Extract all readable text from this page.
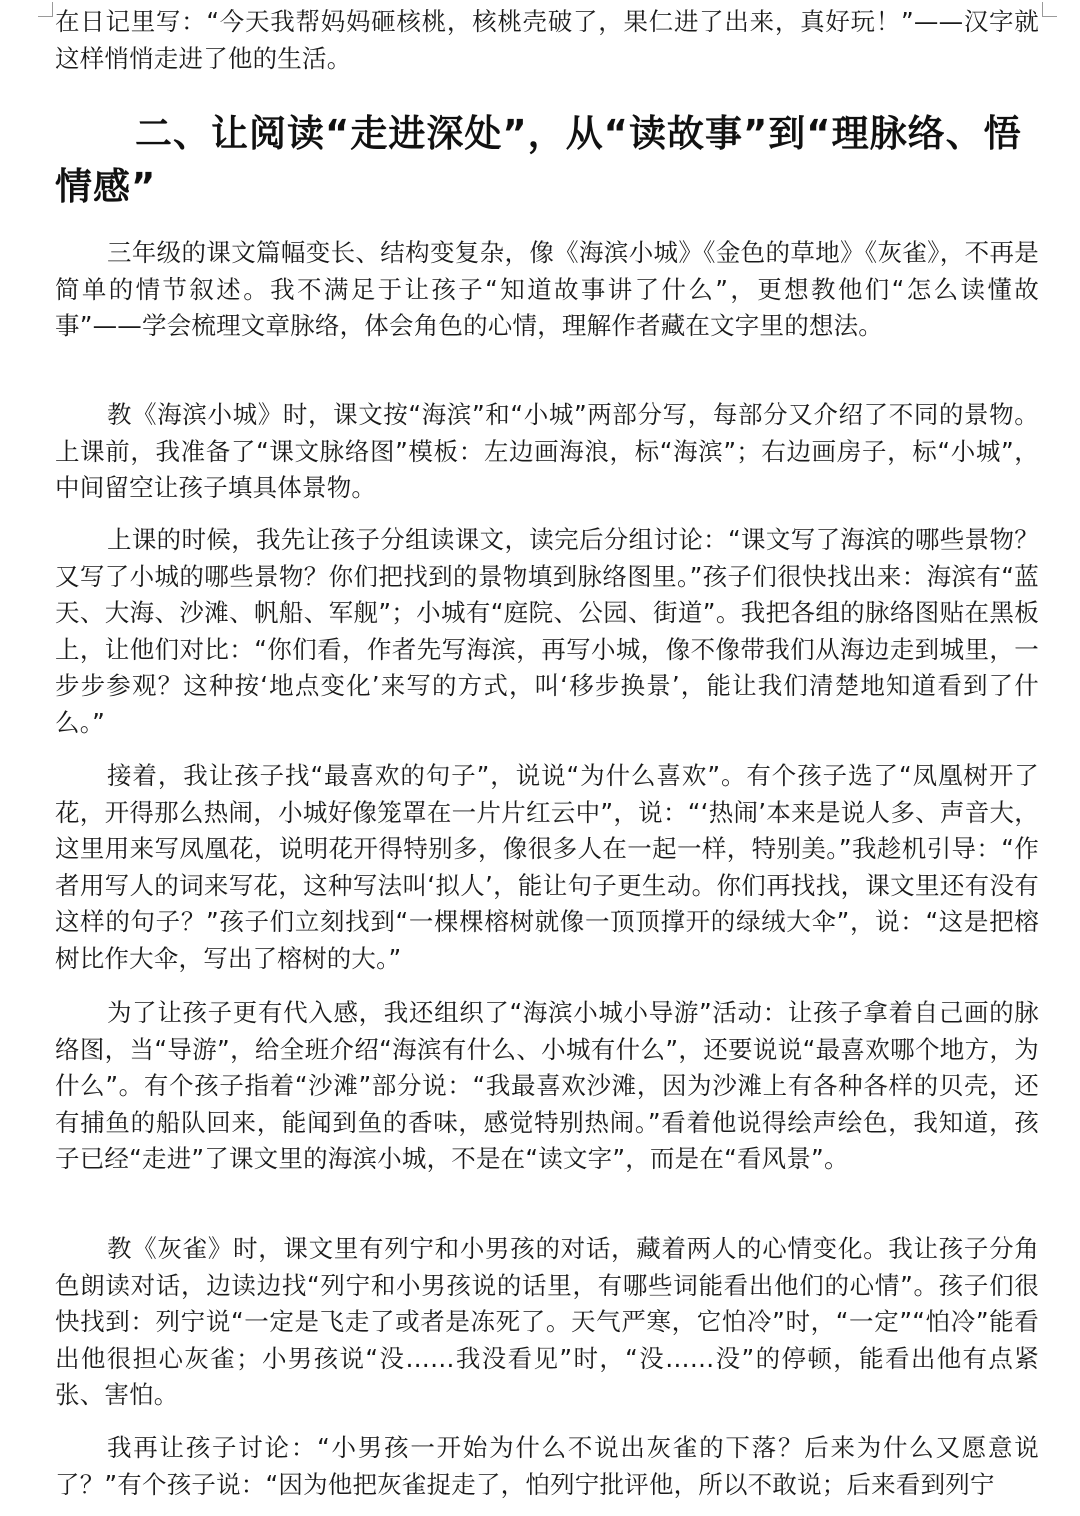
在日记里写：“今天我帮妈妈砸核桃，核桃壳破了，果仁进了出来，真好玩！”——汉字就这样悄悄走进了他的生活。

二、让阅读“走进深处”，从“读故事”到“理脉络、悟情感”

三年级的课文篇幅变长、结构变复杂，像《海滨小城》《金色的草地》《灰雀》，不再是简单的情节叙述。我不满足于让孩子“知道故事讲了什么”，更想教他们“怎么读懂故事”——学会梳理文章脉络，体会角色的心情，理解作者藏在文字里的想法。

教《海滨小城》时，课文按“海滨”和“小城”两部分写，每部分又介绍了不同的景物。上课前，我准备了“课文脉络图”模板：左边画海浪，标“海滨”；右边画房子，标“小城”，中间留空让孩子填具体景物。

上课的时候，我先让孩子分组读课文，读完后分组讨论：“课文写了海滨的哪些景物？又写了小城的哪些景物？你们把找到的景物填到脉络图里。”孩子们很快找出来：海滨有“蓝天、大海、沙滩、帆船、军舰”；小城有“庭院、公园、街道”。我把各组的脉络图贴在黑板上，让他们对比：“你们看，作者先写海滨，再写小城，像不像带我们从海边走到城里，一步步参观？这种按‘地点变化’来写的方式，叫‘移步换景’，能让我们清楚地知道看到了什么。”

接着，我让孩子找“最喜欢的句子”，说说“为什么喜欢”。有个孩子选了“凤凰树开了花，开得那么热闹，小城好像笼罩在一片片红云中”，说：“‘热闹’本来是说人多、声音大，这里用来写凤凰花，说明花开得特别多，像很多人在一起一样，特别美。”我趁机引导：“作者用写人的词来写花，这种写法叫‘拟人’，能让句子更生动。你们再找找，课文里还有没有这样的句子？”孩子们立刻找到“一棵棵榕树就像一顶顶撑开的绿绒大伞”，说：“这是把榕树比作大伞，写出了榕树的大。”

为了让孩子更有代入感，我还组织了“海滨小城小导游”活动：让孩子拿着自己画的脉络图，当“导游”，给全班介绍“海滨有什么、小城有什么”，还要说说“最喜欢哪个地方，为什么”。有个孩子指着“沙滩”部分说：“我最喜欢沙滩，因为沙滩上有各种各样的贝壳，还有捕鱼的船队回来，能闻到鱼的香味，感觉特别热闹。”看着他说得绘声绘色，我知道，孩子已经“走进”了课文里的海滨小城，不是在“读文字”，而是在“看风景”。

教《灰雀》时，课文里有列宁和小男孩的对话，藏着两人的心情变化。我让孩子分角色朗读对话，边读边找“列宁和小男孩说的话里，有哪些词能看出他们的心情”。孩子们很快找到：列宁说“一定是飞走了或者是冻死了。天气严寒，它怕冷”时，“一定”“怕冷”能看出他很担心灰雀；小男孩说“没……我没看见”时，“没……没”的停顿，能看出他有点紧张、害怕。

我再让孩子讨论：“小男孩一开始为什么不说出灰雀的下落？后来为什么又愿意说了？”有个孩子说：“因为他把灰雀捉走了，怕列宁批评他，所以不敢说；后来看到列宁
